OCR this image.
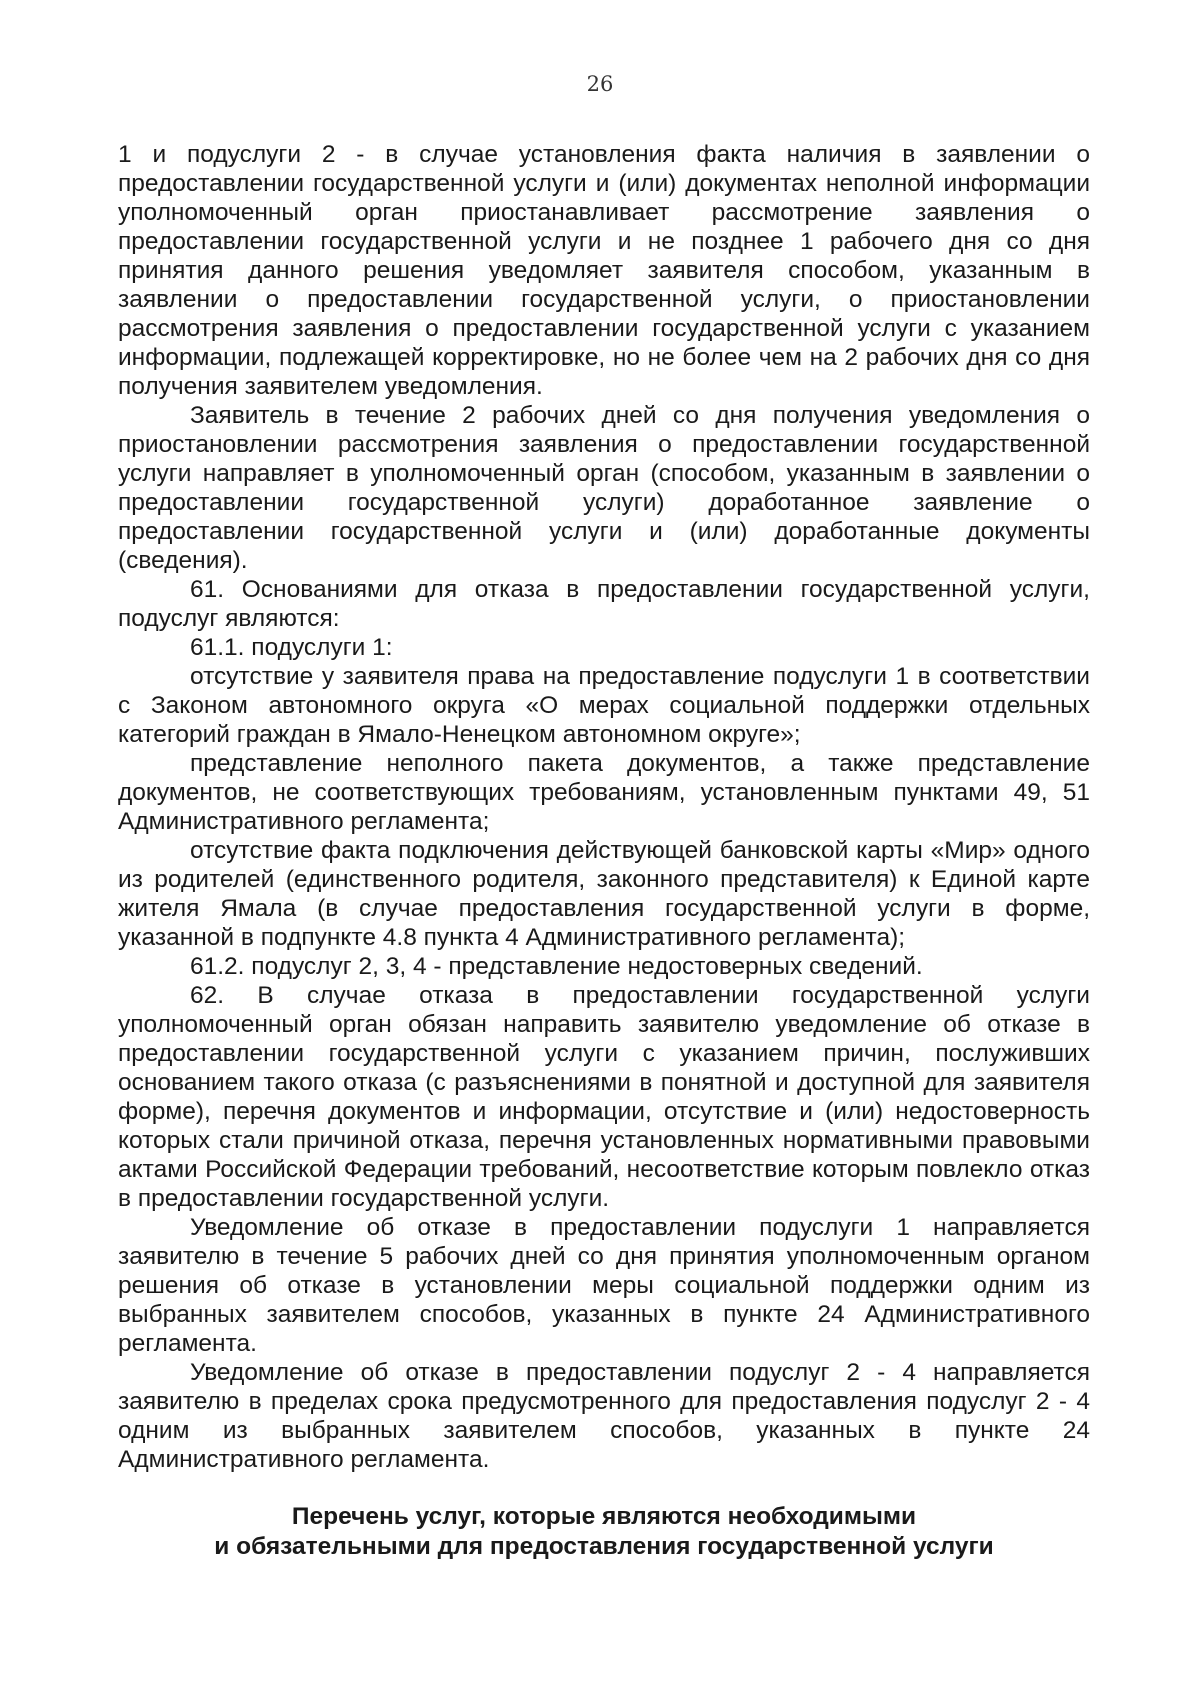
26

1 и подуслуги 2 - в случае установления факта наличия в заявлении о предоставлении государственной услуги и (или) документах неполной информации уполномоченный орган приостанавливает рассмотрение заявления о предоставлении государственной услуги и не позднее 1 рабочего дня со дня принятия данного решения уведомляет заявителя способом, указанным в заявлении о предоставлении государственной услуги, о приостановлении рассмотрения заявления о предоставлении государственной услуги с указанием информации, подлежащей корректировке, но не более чем на 2 рабочих дня со дня получения заявителем уведомления.

Заявитель в течение 2 рабочих дней со дня получения уведомления о приостановлении рассмотрения заявления о предоставлении государственной услуги направляет в уполномоченный орган (способом, указанным в заявлении о предоставлении государственной услуги) доработанное заявление о предоставлении государственной услуги и (или) доработанные документы (сведения).

61. Основаниями для отказа в предоставлении государственной услуги, подуслуг являются:

61.1. подуслуги 1:

отсутствие у заявителя права на предоставление подуслуги 1 в соответствии с Законом автономного округа «О мерах социальной поддержки отдельных категорий граждан в Ямало-Ненецком автономном округе»;

представление неполного пакета документов, а также представление документов, не соответствующих требованиям, установленным пунктами 49, 51 Административного регламента;

отсутствие факта подключения действующей банковской карты «Мир» одного из родителей (единственного родителя, законного представителя) к Единой карте жителя Ямала (в случае предоставления государственной услуги в форме, указанной в подпункте 4.8 пункта 4 Административного регламента);

61.2. подуслуг 2, 3, 4 - представление недостоверных сведений.

62. В случае отказа в предоставлении государственной услуги уполномоченный орган обязан направить заявителю уведомление об отказе в предоставлении государственной услуги с указанием причин, послуживших основанием такого отказа (с разъяснениями в понятной и доступной для заявителя форме), перечня документов и информации, отсутствие и (или) недостоверность которых стали причиной отказа, перечня установленных нормативными правовыми актами Российской Федерации требований, несоответствие которым повлекло отказ в предоставлении государственной услуги.

Уведомление об отказе в предоставлении подуслуги 1 направляется заявителю в течение 5 рабочих дней со дня принятия уполномоченным органом решения об отказе в установлении меры социальной поддержки одним из выбранных заявителем способов, указанных в пункте 24 Административного регламента.

Уведомление об отказе в предоставлении подуслуг 2 - 4 направляется заявителю в пределах срока предусмотренного для предоставления подуслуг 2 - 4 одним из выбранных заявителем способов, указанных в пункте 24 Административного регламента.

Перечень услуг, которые являются необходимыми
и обязательными для предоставления государственной услуги
